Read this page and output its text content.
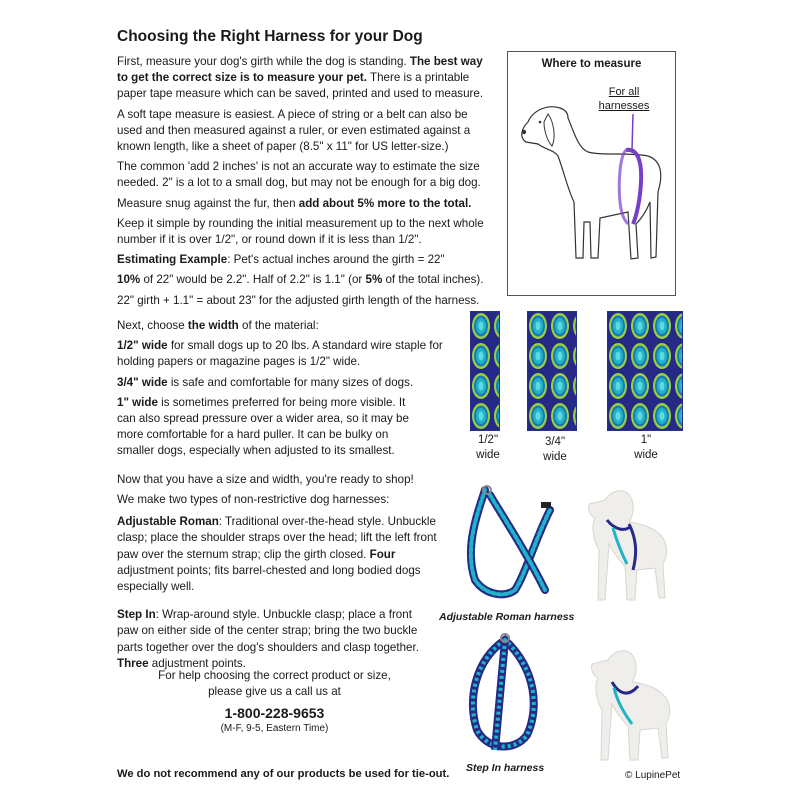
Choosing the Right Harness for your Dog

First, measure your dog's girth while the dog is standing. The best way to get the correct size is to measure your pet. There is a printable paper tape measure which can be saved, printed and used to measure.

A soft tape measure is easiest. A piece of string or a belt can also be used and then measured against a ruler, or even estimated against a known length, like a sheet of paper (8.5" x 11" for US letter-size.)

The common 'add 2 inches' is not an accurate way to estimate the size needed. 2" is a lot to a small dog, but may not be enough for a big dog.

Measure snug against the fur, then add about 5% more to the total.

Keep it simple by rounding the initial measurement up to the next whole number if it is over 1/2", or round down if it is less than 1/2".

Estimating Example: Pet's actual inches around the girth = 22"

10% of 22" would be 2.2". Half of 2.2" is 1.1" (or 5% of the total inches).

22" girth + 1.1" = about 23" for the adjusted girth length of the harness.

Where to measure
For all harnesses

Next, choose the width of the material:

1/2" wide for small dogs up to 20 lbs. A standard wire staple for holding papers or magazine pages is 1/2" wide.

3/4" wide is safe and comfortable for many sizes of dogs.

1" wide is sometimes preferred for being more visible. It can also spread pressure over a wider area, so it may be more comfortable for a hard puller. It can be bulky on smaller dogs, especially when adjusted to its smallest.

Now that you have a size and width, you're ready to shop!

1/2"
wide
3/4"
wide
1"
wide

We make two types of non-restrictive dog harnesses:

Adjustable Roman: Traditional over-the-head style. Unbuckle clasp; place the shoulder straps over the head; lift the left front paw over the sternum strap; clip the girth closed. Four adjustment points; fits barrel-chested and long bodied dogs especially well.

Step In: Wrap-around style. Unbuckle clasp; place a front paw on either side of the center strap; bring the two buckle parts together over the dog's shoulders and clasp together. Three adjustment points.

Adjustable Roman harness
Step In harness
For help choosing the correct product or size,
please give us a call us at
1-800-228-9653
(M-F, 9-5, Eastern Time)
We do not recommend any of our products be used for tie-out.	© LupinePet
